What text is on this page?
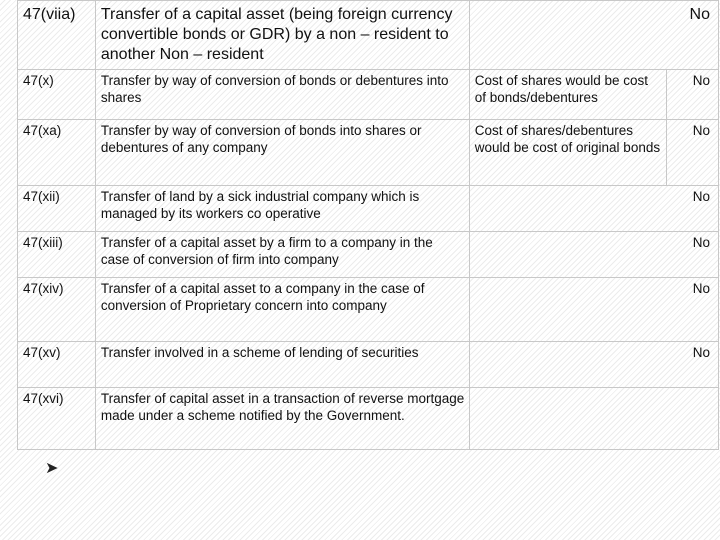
47(viia)	Transfer of a capital asset (being foreign currency convertible bonds or GDR) by a non – resident to another Non – resident	No	
47(x)	Transfer by way of conversion of bonds or debentures into shares	Cost of shares would be cost of bonds/debentures	No
47(xa)	Transfer by way of conversion of bonds into shares or debentures of any company	Cost of shares/debentures would be cost of original bonds	No
47(xii)	Transfer of land by a sick industrial company which is managed by its workers co operative	No	
47(xiii)	Transfer of a capital asset by a firm to a company in the case of conversion of firm into company	No	
47(xiv)	Transfer of a capital asset to a company in the case of conversion of Proprietary concern into company	No	
47(xv)	Transfer involved in a scheme of lending of securities	No	
47(xvi)	Transfer of capital asset in a transaction of reverse mortgage made under a scheme notified by the Government.		
➤
